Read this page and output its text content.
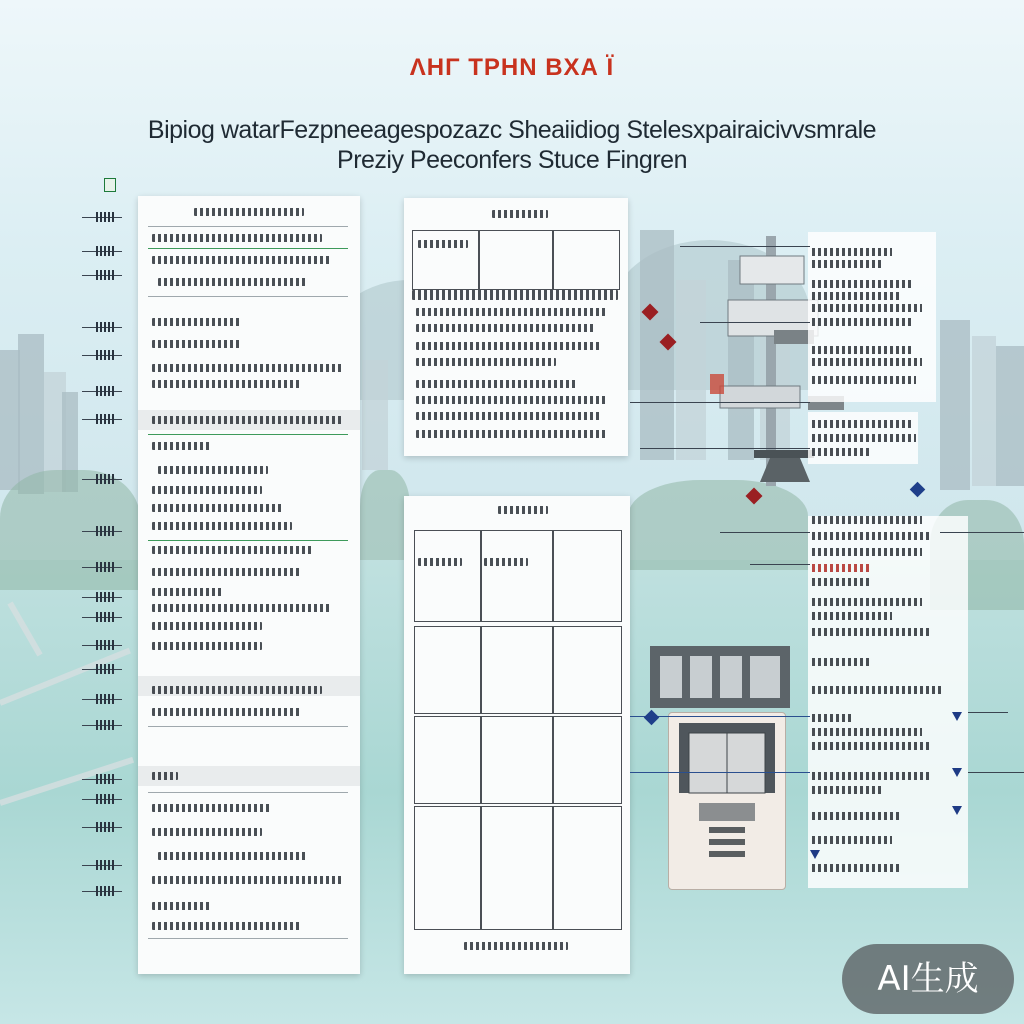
ΛΗΓ ΤΡΗΝ ΒΧΑ Ϊ
Bipiog watarFezpneeagespozazc Sheaiidiog Stelesxpairaicivvsmrale
Preziy Peeconfers Stuce Fingren
AI生成
